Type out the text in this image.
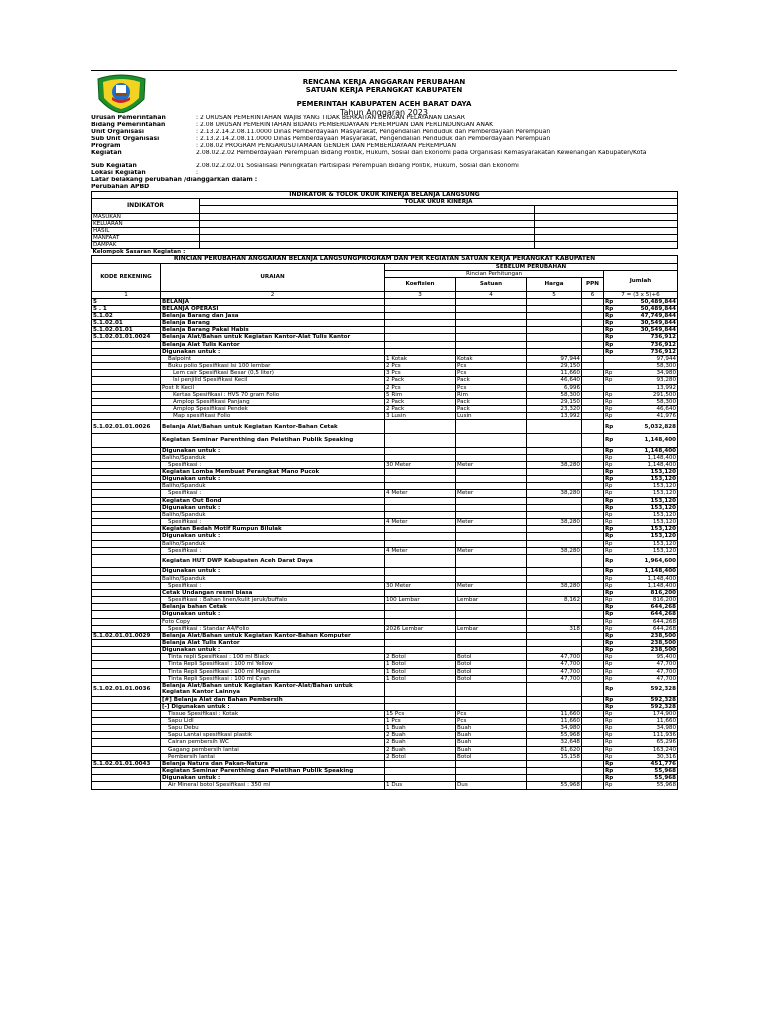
RENCANA KERJA ANGGARAN PERUBAHAN
SATUAN KERJA PERANGKAT KABUPATEN
PEMERINTAH KABUPATEN ACEH BARAT DAYA
Tahun Anggaran 2023
Urusan Pemerintahan	: 2 URUSAN PEMERINTAHAN WAJIB YANG TIDAK BERKAITAN DENGAN PELAYANAN DASAR
Bidang Pemerintahan	: 2.08 URUSAN PEMERINTAHAN BIDANG PEMBERDAYAAN PEREMPUAN DAN PERLINDUNGAN ANAK
Unit Organisasi	: 2.13.2.14.2.08.11.0000 Dinas Pemberdayaan Masyarakat, Pengendalian Penduduk dan Pemberdayaan Perempuan
Sub Unit Organisasi	: 2.13.2.14.2.08.11.0000 Dinas Pemberdayaan Masyarakat, Pengendalian Penduduk dan Pemberdayaan Perempuan
Program	: 2.08.02 PROGRAM PENGARUSUTAMAAN GENDER DAN PEMBERDAYAAN PEREMPUAN
Kegiatan	2.08.02.2.02 Pemberdayaan Perempuan Bidang Politik, Hukum, Sosial dan Ekonomi pada Organisasi Kemasyarakatan Kewenangan Kabupaten/Kota
Sub Kegiatan	2.08.02.2.02.01 Sosialisasi Peningkatan Partisipasi Perempuan Bidang Politik, Hukum, Sosial dan Ekonomi
Lokasi Kegiatan	:
Latar belakang perubahan /dianggarkan dalam :
Perubahan APBD
INDIKATOR & TOLOK UKUR KINERJA BELANJA LANGSUNG		
INDIKATOR	TOLAK UKUR KINERJA	

MASUKAN		
KELUARAN		
HASIL		
MANFAAT		
DAMPAK		
Kelompok Sasaran Kegiatan :		
RINCIAN PERUBAHAN ANGGARAN BELANJA LANGSUNGPROGRAM DAN PER KEGIATAN SATUAN KERJA PERANGKAT KABUPATEN						
KODE REKENING	URAIAN	SEBELUM PERUBAHAN				
		Rincian Perhitungan				Jumlah
		Koefisien	Satuan	Harga	PPN	
1	2	3	4	5	6	7 = (3 x 5)+6
5	BELANJA					Rp 50,489,844

5 . 1	BELANJA OPERASI					Rp 50,489,844

5.1.02	Belanja Barang dan Jasa					Rp 47,749,844

5.1.02.01	Belanja Barang					Rp 30,549,844

5.1.02.01.01	Belanja Barang Pakai Habis					Rp 30,549,844

5.1.02.01.01.0024	Belanja Alat/Bahan untuk Kegiatan Kantor-Alat Tulis Kantor					Rp 736,912

	Belanja Alat Tulis Kantor					Rp 736,912

	Digunakan untuk :					Rp 736,912

	Balpoint	1 Kotak	Kotak	97,944		97,944

	Buku polio Spesifikasi Isi 100 lembar	2 Pcs	Pcs	29,150		58,300

	Lem cair Spesifikasi Besar (0,5 liter)	3 Pcs	Pcs	11,660		Rp 34,980

	Isi penjilid Spesifikasi Kecil	2 Pack	Pack	46,640		Rp 93,280

	Post It Kecil	2 Pcs	Pcs	6,996		13,992

	Kertas Spesifikasi : HVS 70 gram Folio	5 Rim	Rim	58,300		Rp 291,500

	Amplop Spesifikasi Panjang	2 Pack	Pack	29,150		Rp 58,300

	Amplop Spesifikasi Pendek	2 Pack	Pack	23,320		Rp 46,640

	Map spesifikasi Folio	3 Lusin	Lusin	13,992		Rp 41,976

5.1.02.01.01.0026	Belanja Alat/Bahan untuk Kegiatan Kantor-Bahan Cetak					Rp 5,032,828

	Kegiatan Seminar Parenthing dan Pelatihan Publik Speaking					Rp 1,148,400

	Digunakan untuk :					Rp 1,148,400

	Baliho/Spanduk					Rp 1,148,400

	Spesifikasi :	30 Meter	Meter	38,280		Rp 1,148,400

	Kegiatan Lomba Membuat Perangkat Mano Pucok					Rp 153,120

	Digunakan untuk :					Rp 153,120

	Baliho/Spanduk					Rp 153,120

	Spesifikasi :	4 Meter	Meter	38,280		Rp 153,120

	Kegiatan Out Bond					Rp 153,120

	Digunakan untuk :					Rp 153,120

	Baliho/Spanduk					Rp 153,120

	Spesifikasi :	4 Meter	Meter	38,280		Rp 153,120

	Kegiatan Bedah Motif Rumpun Bilulak					Rp 153,120

	Digunakan untuk :					Rp 153,120

	Baliho/Spanduk					Rp 153,120

	Spesifikasi :	4 Meter	Meter	38,280		Rp 153,120

	Kegiatan HUT DWP Kabupaten Aceh Darat Daya					Rp 1,964,600

	Digunakan untuk :					Rp 1,148,400

	Baliho/Spanduk					Rp 1,148,400

	Spesifikasi :	30 Meter	Meter	38,280		Rp 1,148,400

	Cetak Undangan resmi biasa					Rp 816,200

	Spesifikasi : Bahan linen/kulit jeruk/buffalo	100 Lembar	Lembar	8,162		Rp 816,200

	Belanja bahan Cetak					Rp 644,268

	Digunakan untuk :					Rp 644,268

	Foto Copy					Rp 644,268

	Spesifikasi : Standar A4/Folio	2026 Lembar	Lembar	318		Rp 644,268

5.1.02.01.01.0029	Belanja Alat/Bahan untuk Kegiatan Kantor-Bahan Komputer					Rp 238,500

	Belanja Alat Tulis Kantor					Rp 238,500

	Digunakan untuk :					Rp 238,500

	Tinta repli Spesifikasi : 100 ml Black	2 Botol	Botol	47,700		Rp 95,400

	Tinta Repli Spesifikasi : 100 ml Yellow	1 Botol	Botol	47,700		Rp 47,700

	Tinta Repli Spesifikasi : 100 ml Magenta	1 Botol	Botol	47,700		Rp 47,700

	Tinta Repli Spesifikasi : 100 ml Cyan	1 Botol	Botol	47,700		Rp 47,700

5.1.02.01.01.0036	Belanja Alat/Bahan untuk Kegiatan Kantor-Alat/Bahan untuk
Kegiatan Kantor Lainnya					Rp 592,328

	[#] Belanja Alat dan Bahan Pembersih					Rp 592,328

	[-] Digunakan untuk :					Rp 592,328

	Tissue Spesifikasi : Kotak	15 Pcs	Pcs	11,660		Rp 174,900

	Sapu Lidi	1 Pcs	Pcs	11,660		Rp 11,660

	Sapu Debu	1 Buah	Buah	34,980		Rp 34,980

	Sapu Lantai spesifikasi plastik	2 Buah	Buah	55,968		Rp 111,936

	Cairan pembersih WC	2 Buah	Buah	32,648		Rp 65,296

	Gagang pembersih lantai	2 Buah	Buah	81,620		Rp 163,240

	Pembersih lantai	2 Botol	Botol	15,158		Rp 30,316

5.1.02.01.01.0043	Belanja Natura dan Pakan-Natura					Rp 451,776

	Kegiatan Seminar Parenthing dan Pelatihan Publik Speaking					Rp 55,968

	Digunakan untuk :					Rp 55,968

	Air Mineral botol Spesifikasi : 350 ml	1 Dus	Dus	55,968		Rp 55,968
